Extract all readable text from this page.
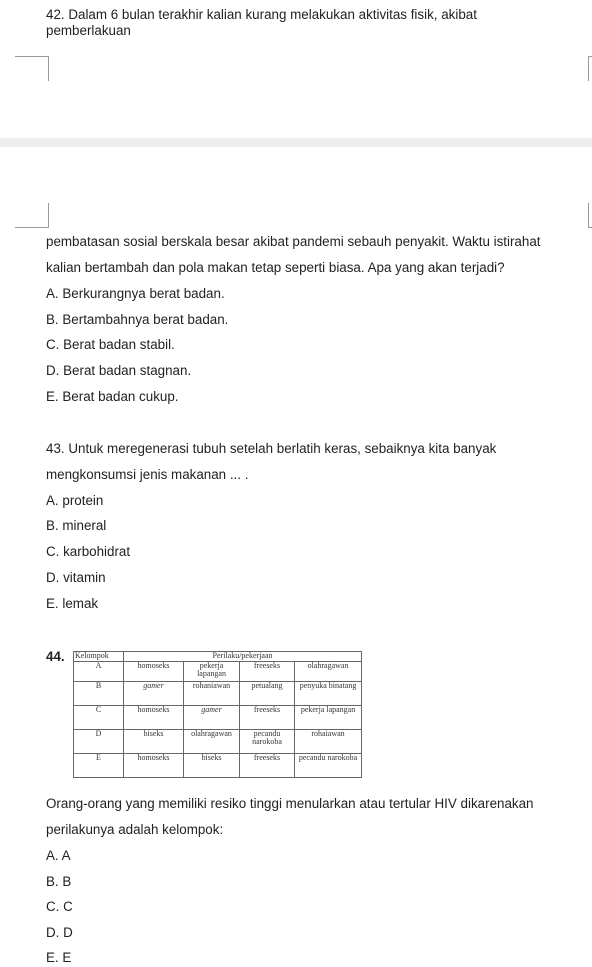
42. Dalam 6 bulan terakhir kalian kurang melakukan aktivitas fisik, akibat
pemberlakuan
pembatasan sosial berskala besar akibat pandemi sebauh penyakit. Waktu istirahat
kalian bertambah dan pola makan tetap seperti biasa. Apa yang akan terjadi?
A. Berkurangnya berat badan.
B. Bertambahnya berat badan.
C. Berat badan stabil.
D. Berat badan stagnan.
E. Berat badan cukup.
43. Untuk meregenerasi tubuh setelah berlatih keras, sebaiknya kita banyak
mengkonsumsi jenis makanan ... .
A. protein
B. mineral
C. karbohidrat
D. vitamin
E. lemak
44. Kelompok	Perilaku/pekerjaan			
A	homoseks	pekerja lapangan	freeseks	olahragawan
B	gamer	rohaniawan	petualang	penyuka binatang
C	homoseks	gamer	freeseks	pekerja lapangan
D	biseks	olahragawan	pecandu narokoba	rohaiawan
E	homoseks	biseks	freeseks	pecandu narokoba
Orang-orang yang memiliki resiko tinggi menularkan atau tertular HIV dikarenakan
perilakunya adalah kelompok:
A. A
B. B
C. C
D. D
E. E
